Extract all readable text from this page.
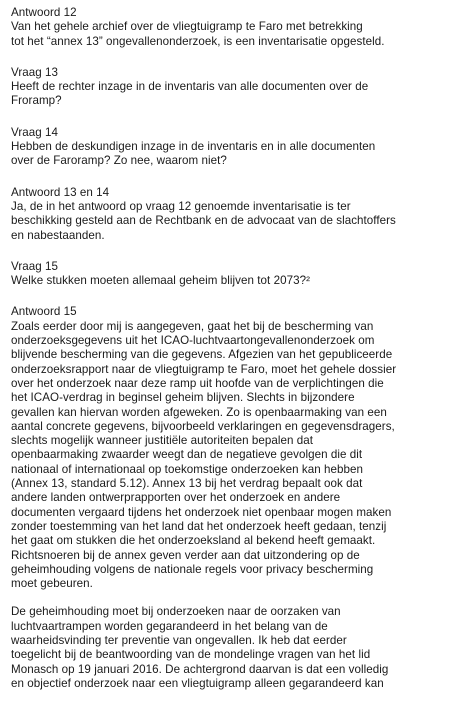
Antwoord 12
Van het gehele archief over de vliegtuigramp te Faro met betrekking
tot het “annex 13” ongevallenonderzoek, is een inventarisatie opgesteld.
Vraag 13
Heeft de rechter inzage in de inventaris van alle documenten over de
Froramp?
Vraag 14
Hebben de deskundigen inzage in de inventaris en in alle documenten
over de Faroramp? Zo nee, waarom niet?
Antwoord 13 en 14
Ja, de in het antwoord op vraag 12 genoemde inventarisatie is ter
beschikking gesteld aan de Rechtbank en de advocaat van de slachtoffers
en nabestaanden.
Vraag 15
Welke stukken moeten allemaal geheim blijven tot 2073?²
Antwoord 15
Zoals eerder door mij is aangegeven, gaat het bij de bescherming van
onderzoeksgegevens uit het ICAO-luchtvaartongevallenonderzoek om
blijvende bescherming van die gegevens. Afgezien van het gepubliceerde
onderzoeksrapport naar de vliegtuigramp te Faro, moet het gehele dossier
over het onderzoek naar deze ramp uit hoofde van de verplichtingen die
het ICAO-verdrag in beginsel geheim blijven. Slechts in bijzondere
gevallen kan hiervan worden afgeweken. Zo is openbaarmaking van een
aantal concrete gegevens, bijvoorbeeld verklaringen en gegevensdragers,
slechts mogelijk wanneer justitiële autoriteiten bepalen dat
openbaarmaking zwaarder weegt dan de negatieve gevolgen die dit
nationaal of internationaal op toekomstige onderzoeken kan hebben
(Annex 13, standard 5.12). Annex 13 bij het verdrag bepaalt ook dat
andere landen ontwerprapporten over het onderzoek en andere
documenten vergaard tijdens het onderzoek niet openbaar mogen maken
zonder toestemming van het land dat het onderzoek heeft gedaan, tenzij
het gaat om stukken die het onderzoeksland al bekend heeft gemaakt.
Richtsnoeren bij de annex geven verder aan dat uitzondering op de
geheimhouding volgens de nationale regels voor privacy bescherming
moet gebeuren.
De geheimhouding moet bij onderzoeken naar de oorzaken van
luchtvaartrampen worden gegarandeerd in het belang van de
waarheidsvinding ter preventie van ongevallen. Ik heb dat eerder
toegelicht bij de beantwoording van de mondelinge vragen van het lid
Monasch op 19 januari 2016. De achtergrond daarvan is dat een volledig
en objectief onderzoek naar een vliegtuigramp alleen gegarandeerd kan
